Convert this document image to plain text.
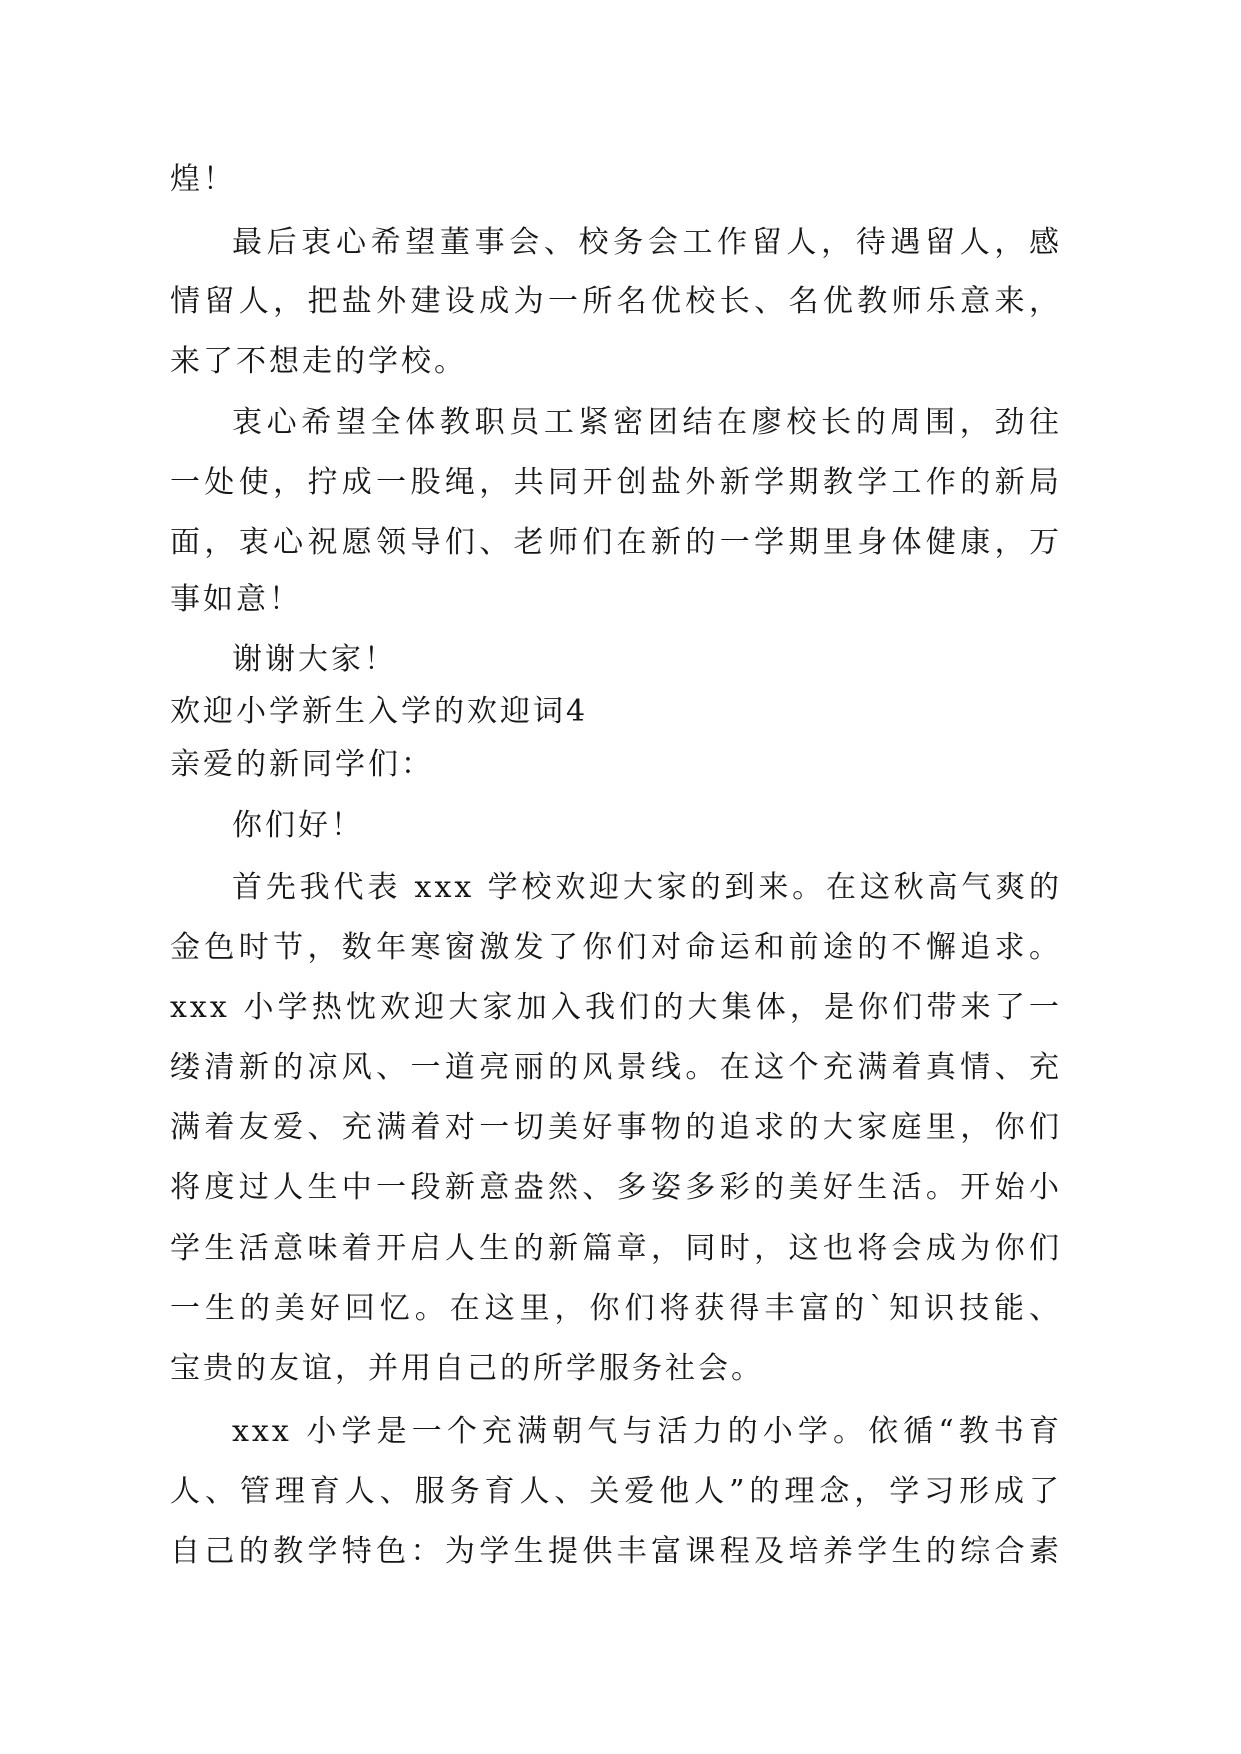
煌！
最后衷心希望董事会、校务会工作留人，待遇留人，感
情留人，把盐外建设成为一所名优校长、名优教师乐意来，
来了不想走的学校。
衷心希望全体教职员工紧密团结在廖校长的周围，劲往
一处使，拧成一股绳，共同开创盐外新学期教学工作的新局
面，衷心祝愿领导们、老师们在新的一学期里身体健康，万
事如意！
谢谢大家！
欢迎小学新生入学的欢迎词4
亲爱的新同学们：
你们好！
首先我代表 xxx 学校欢迎大家的到来。在这秋高气爽的
金色时节，数年寒窗激发了你们对命运和前途的不懈追求。
xxx 小学热忱欢迎大家加入我们的大集体，是你们带来了一
缕清新的凉风、一道亮丽的风景线。在这个充满着真情、充
满着友爱、充满着对一切美好事物的追求的大家庭里，你们
将度过人生中一段新意盎然、多姿多彩的美好生活。开始小
学生活意味着开启人生的新篇章，同时，这也将会成为你们
一生的美好回忆。在这里，你们将获得丰富的`知识技能、
宝贵的友谊，并用自己的所学服务社会。
xxx 小学是一个充满朝气与活力的小学。依循“教书育
人、管理育人、服务育人、关爱他人”的理念，学习形成了
自己的教学特色：为学生提供丰富课程及培养学生的综合素
